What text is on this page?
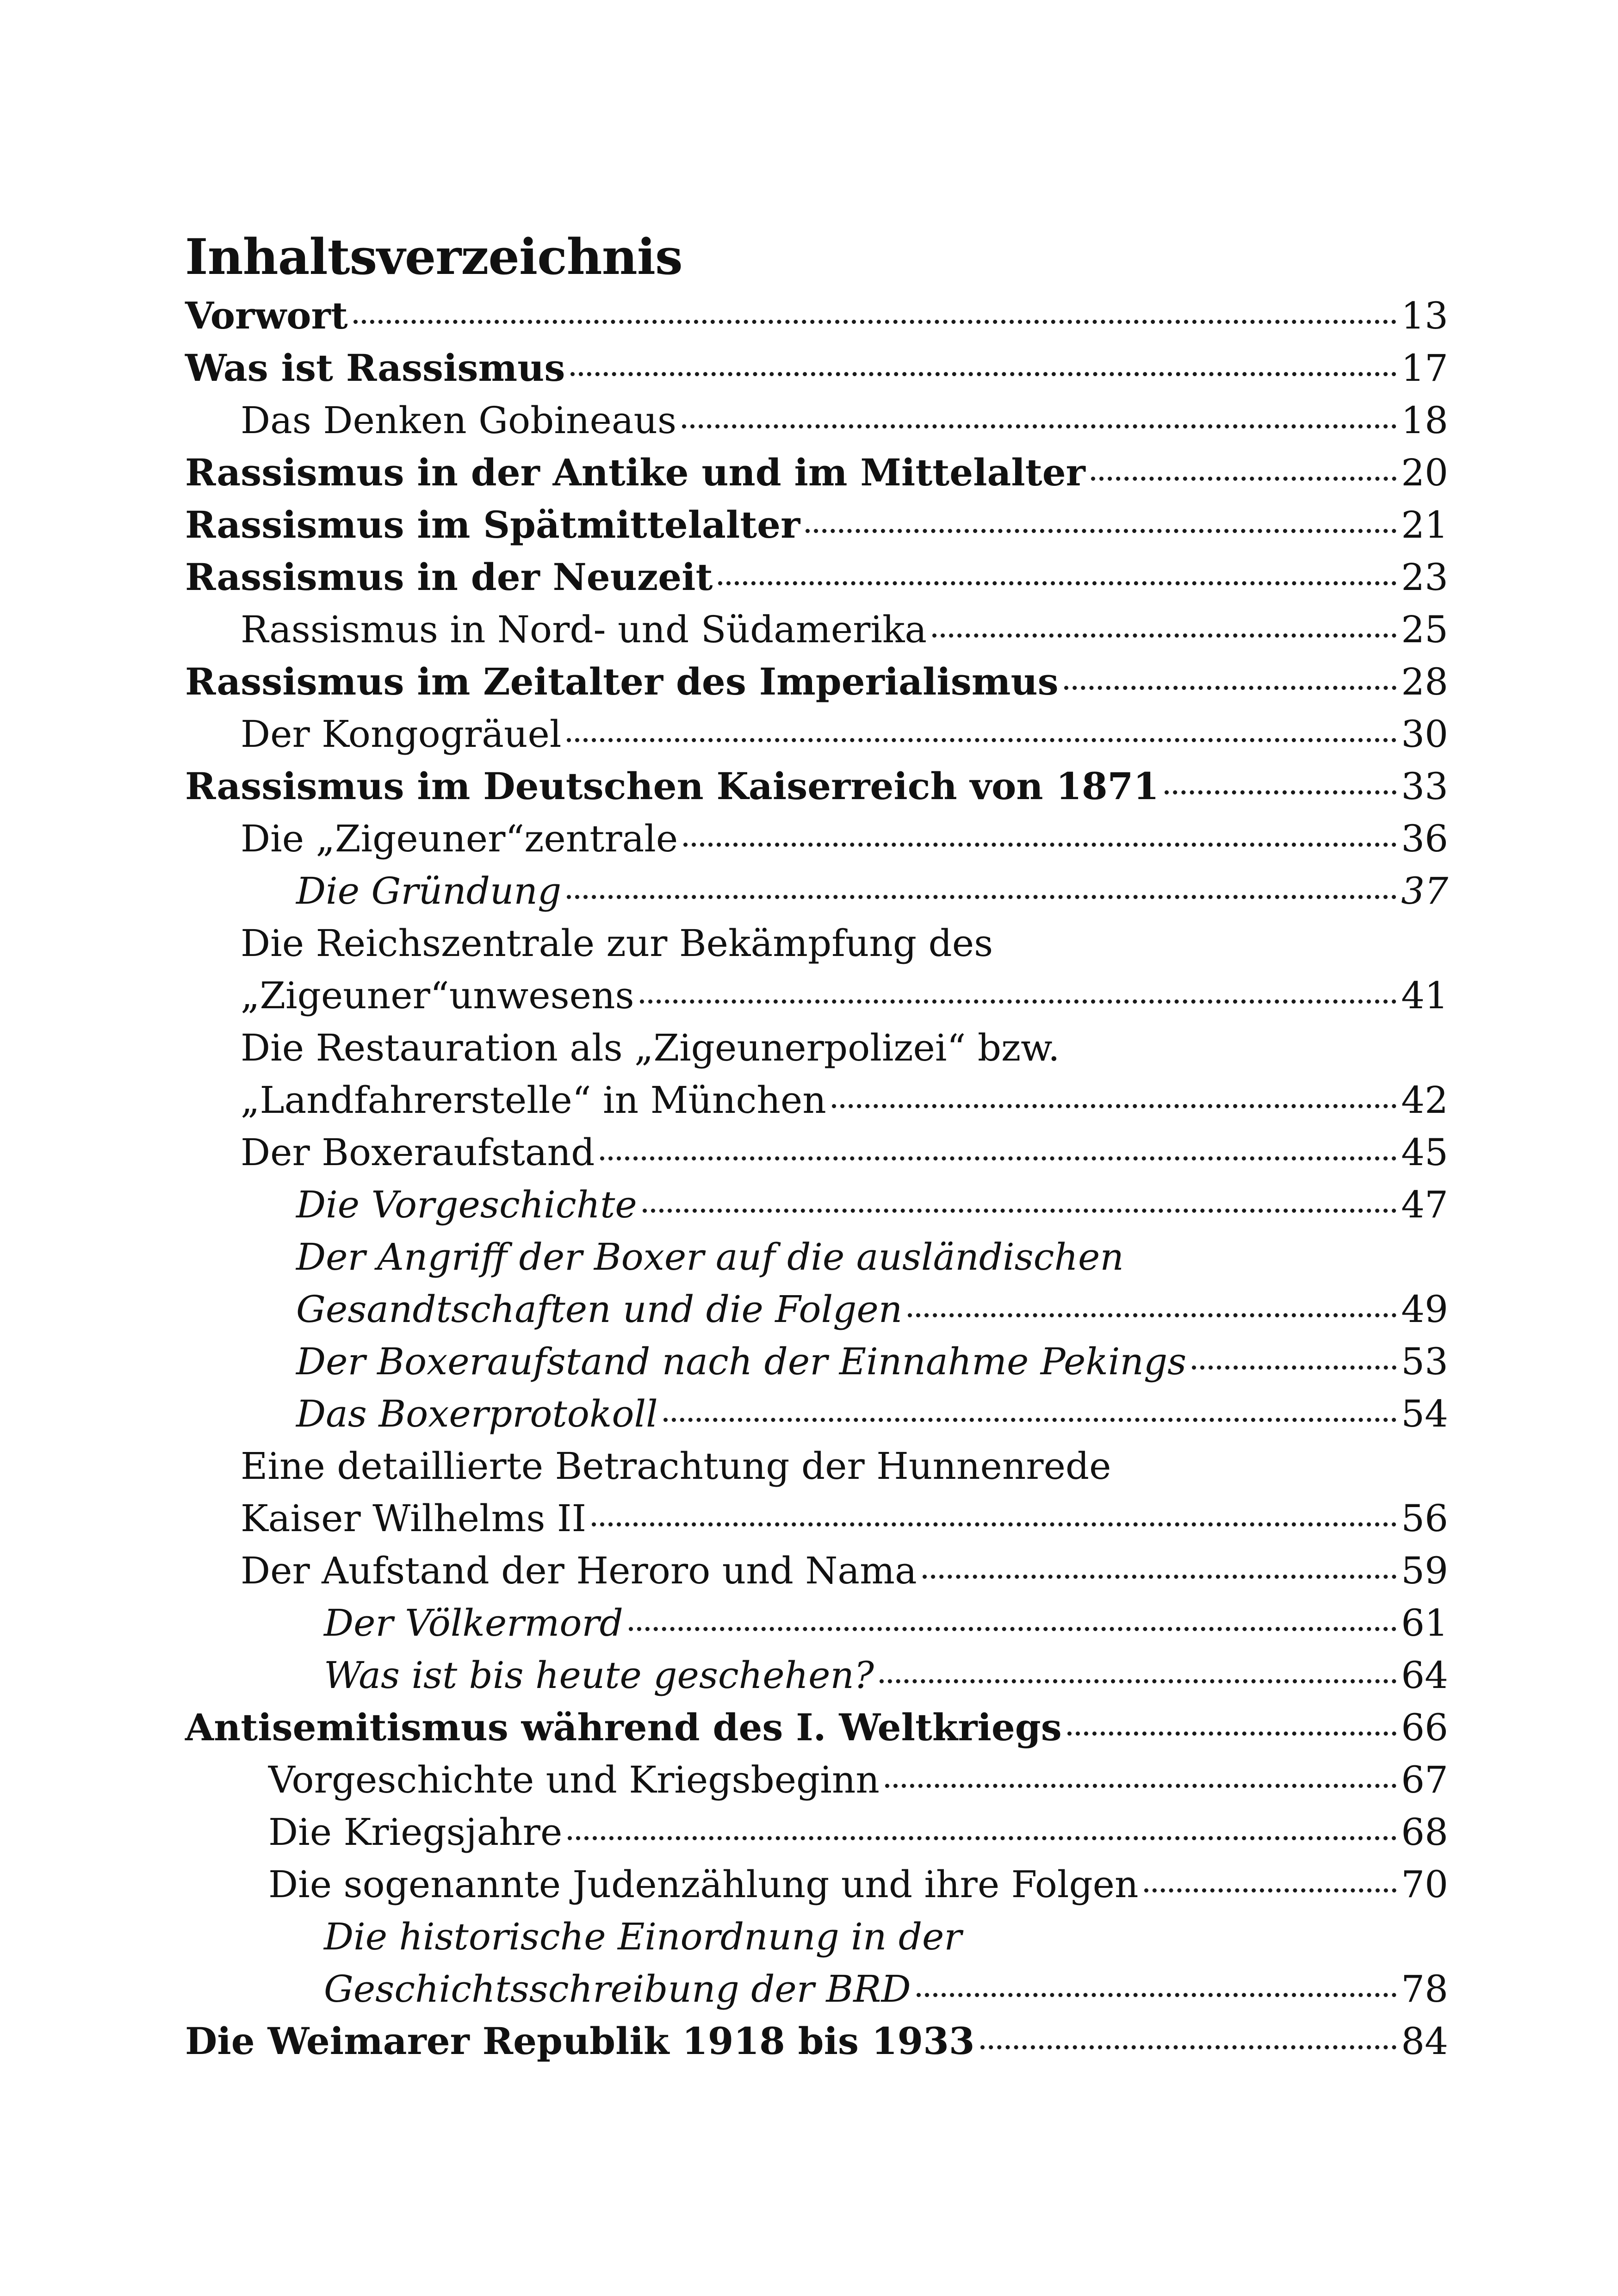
Inhaltsverzeichnis
Vorwort	13
Was ist Rassismus	17
Das Denken Gobineaus	18
Rassismus in der Antike und im Mittelalter	20
Rassismus im Spätmittelalter	21
Rassismus in der Neuzeit	23
Rassismus in Nord- und Südamerika	25
Rassismus im Zeitalter des Imperialismus	28
Der Kongogräuel	30
Rassismus im Deutschen Kaiserreich von 1871	33
Die „Zigeuner“zentrale	36
Die Gründung	37
Die Reichszentrale zur Bekämpfung des
„Zigeuner“unwesens	41
Die Restauration als „Zigeunerpolizei“ bzw.
„Landfahrerstelle“ in München	42
Der Boxeraufstand	45
Die Vorgeschichte	47
Der Angriff der Boxer auf die ausländischen
Gesandtschaften und die Folgen	49
Der Boxeraufstand nach der Einnahme Pekings	53
Das Boxerprotokoll	54
Eine detaillierte Betrachtung der Hunnenrede
Kaiser Wilhelms II	56
Der Aufstand der Heroro und Nama	59
Der Völkermord	61
Was ist bis heute geschehen?	64
Antisemitismus während des I. Weltkriegs	66
Vorgeschichte und Kriegsbeginn	67
Die Kriegsjahre	68
Die sogenannte Judenzählung und ihre Folgen	70
Die historische Einordnung in der
Geschichtsschreibung der BRD	78
Die Weimarer Republik 1918 bis 1933	84
